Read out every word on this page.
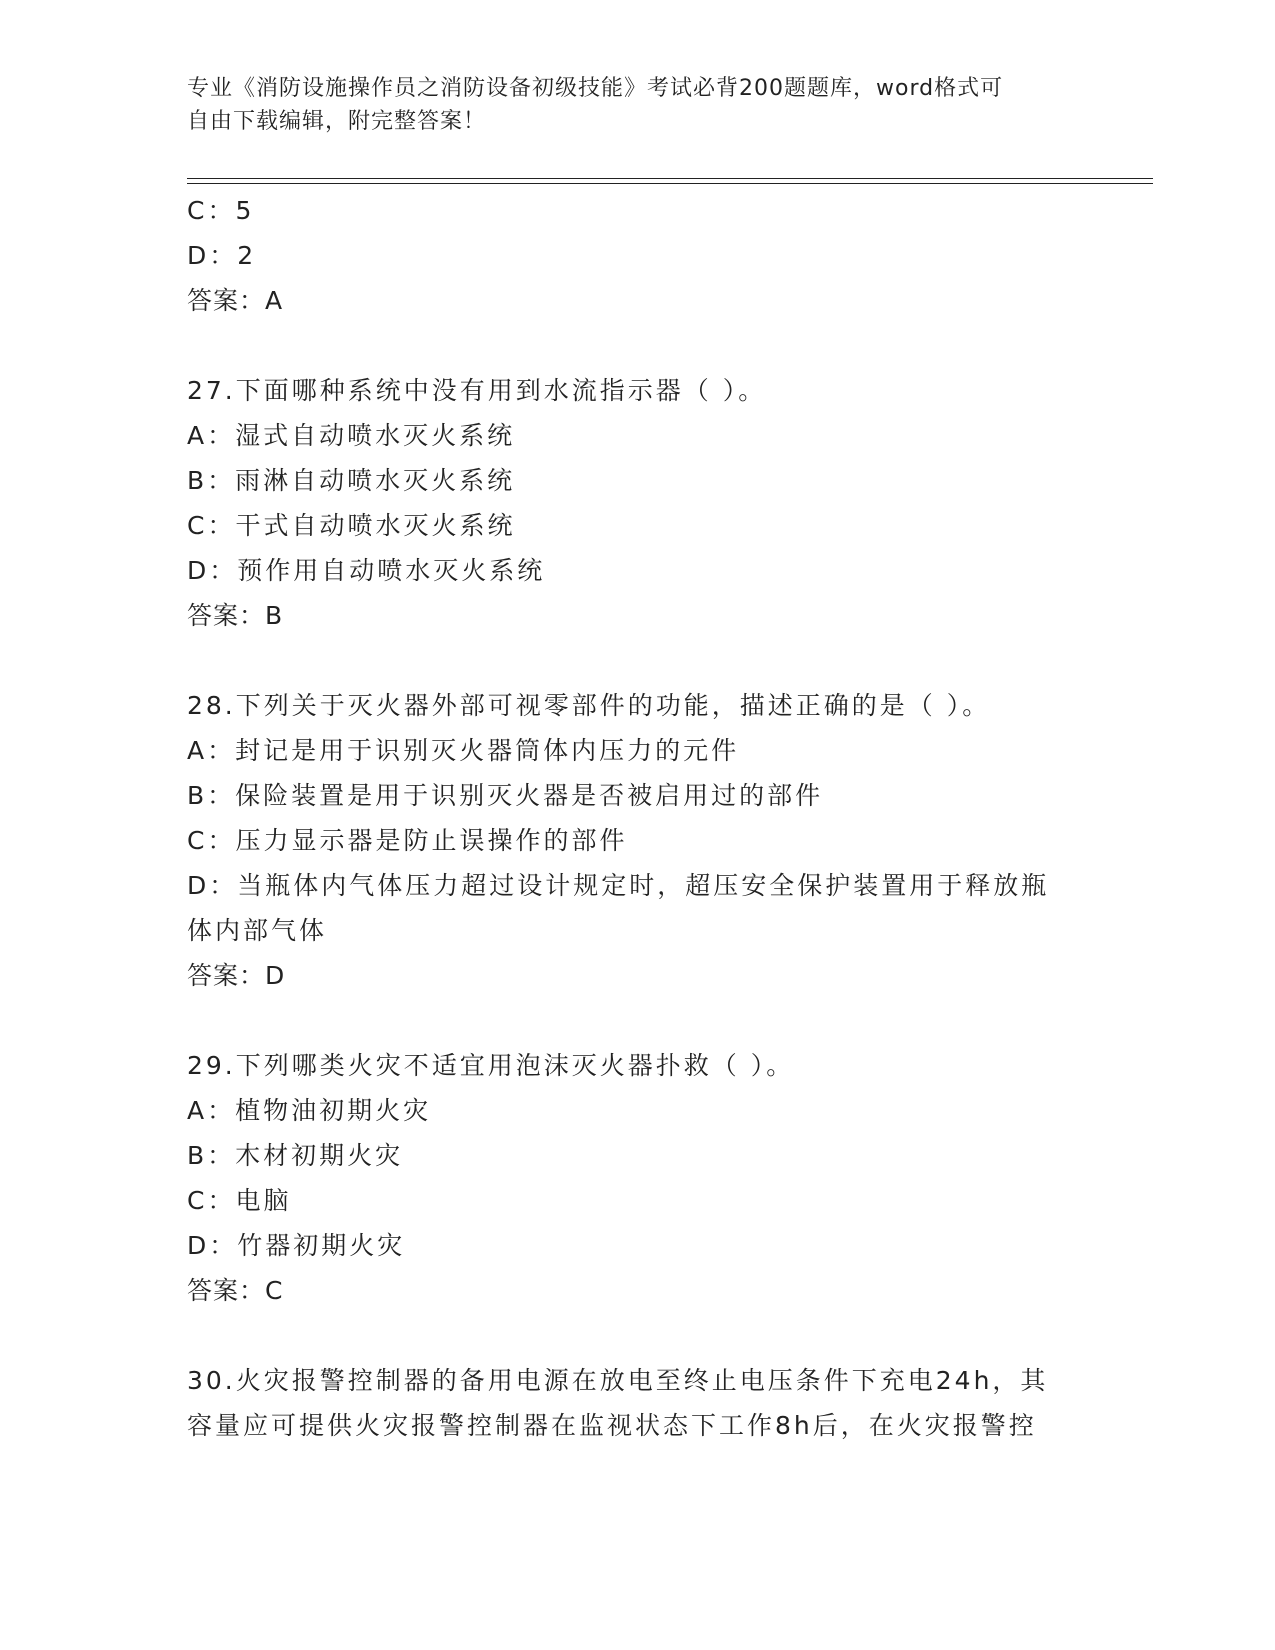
专业《消防设施操作员之消防设备初级技能》考试必背200题题库，word格式可
自由下载编辑，附完整答案！
C：5
D：2
答案：A
27.下面哪种系统中没有用到水流指示器（ ）。
A：湿式自动喷水灭火系统
B：雨淋自动喷水灭火系统
C：干式自动喷水灭火系统
D：预作用自动喷水灭火系统
答案：B
28.下列关于灭火器外部可视零部件的功能，描述正确的是（ ）。
A：封记是用于识别灭火器筒体内压力的元件
B：保险装置是用于识别灭火器是否被启用过的部件
C：压力显示器是防止误操作的部件
D：当瓶体内气体压力超过设计规定时，超压安全保护装置用于释放瓶
体内部气体
答案：D
29.下列哪类火灾不适宜用泡沫灭火器扑救（ ）。
A：植物油初期火灾
B：木材初期火灾
C：电脑
D：竹器初期火灾
答案：C
30.火灾报警控制器的备用电源在放电至终止电压条件下充电24h，其
容量应可提供火灾报警控制器在监视状态下工作8h后，在火灾报警控
